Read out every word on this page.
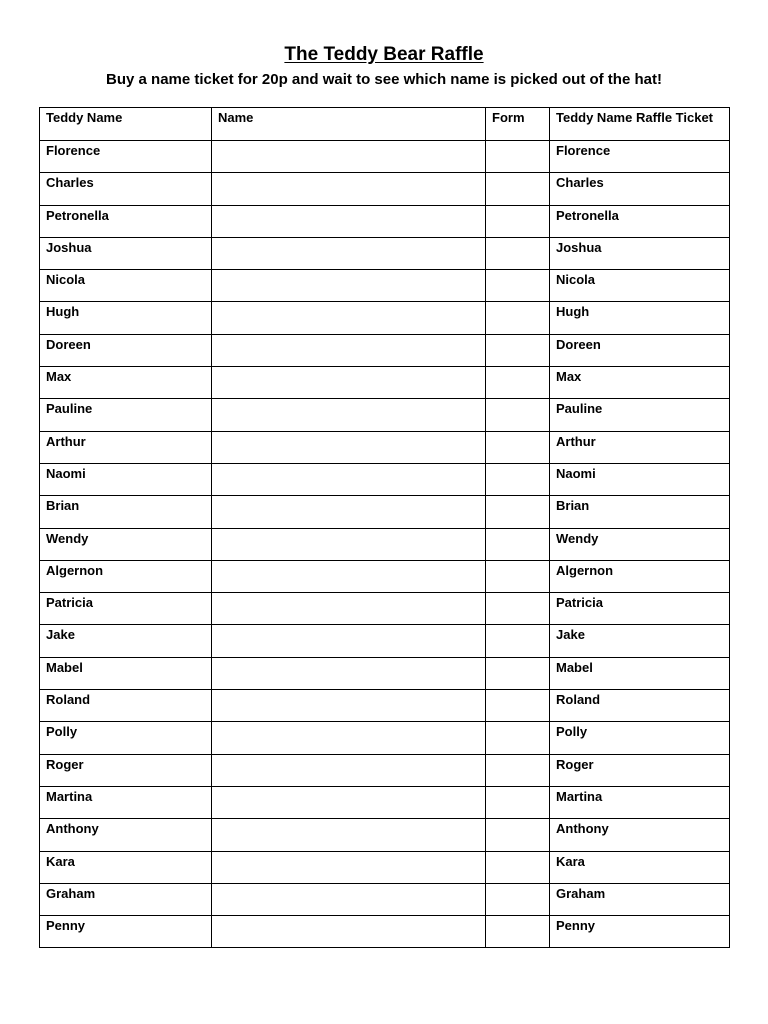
The Teddy Bear Raffle
Buy a name ticket for 20p and wait to see which name is picked out of the hat!
Teddy Name	Name	Form	Teddy Name Raffle Ticket
Florence			Florence
Charles			Charles
Petronella			Petronella
Joshua			Joshua
Nicola			Nicola
Hugh			Hugh
Doreen			Doreen
Max			Max
Pauline			Pauline
Arthur			Arthur
Naomi			Naomi
Brian			Brian
Wendy			Wendy
Algernon			Algernon
Patricia			Patricia
Jake			Jake
Mabel			Mabel
Roland			Roland
Polly			Polly
Roger			Roger
Martina			Martina
Anthony			Anthony
Kara			Kara
Graham			Graham
Penny			Penny
